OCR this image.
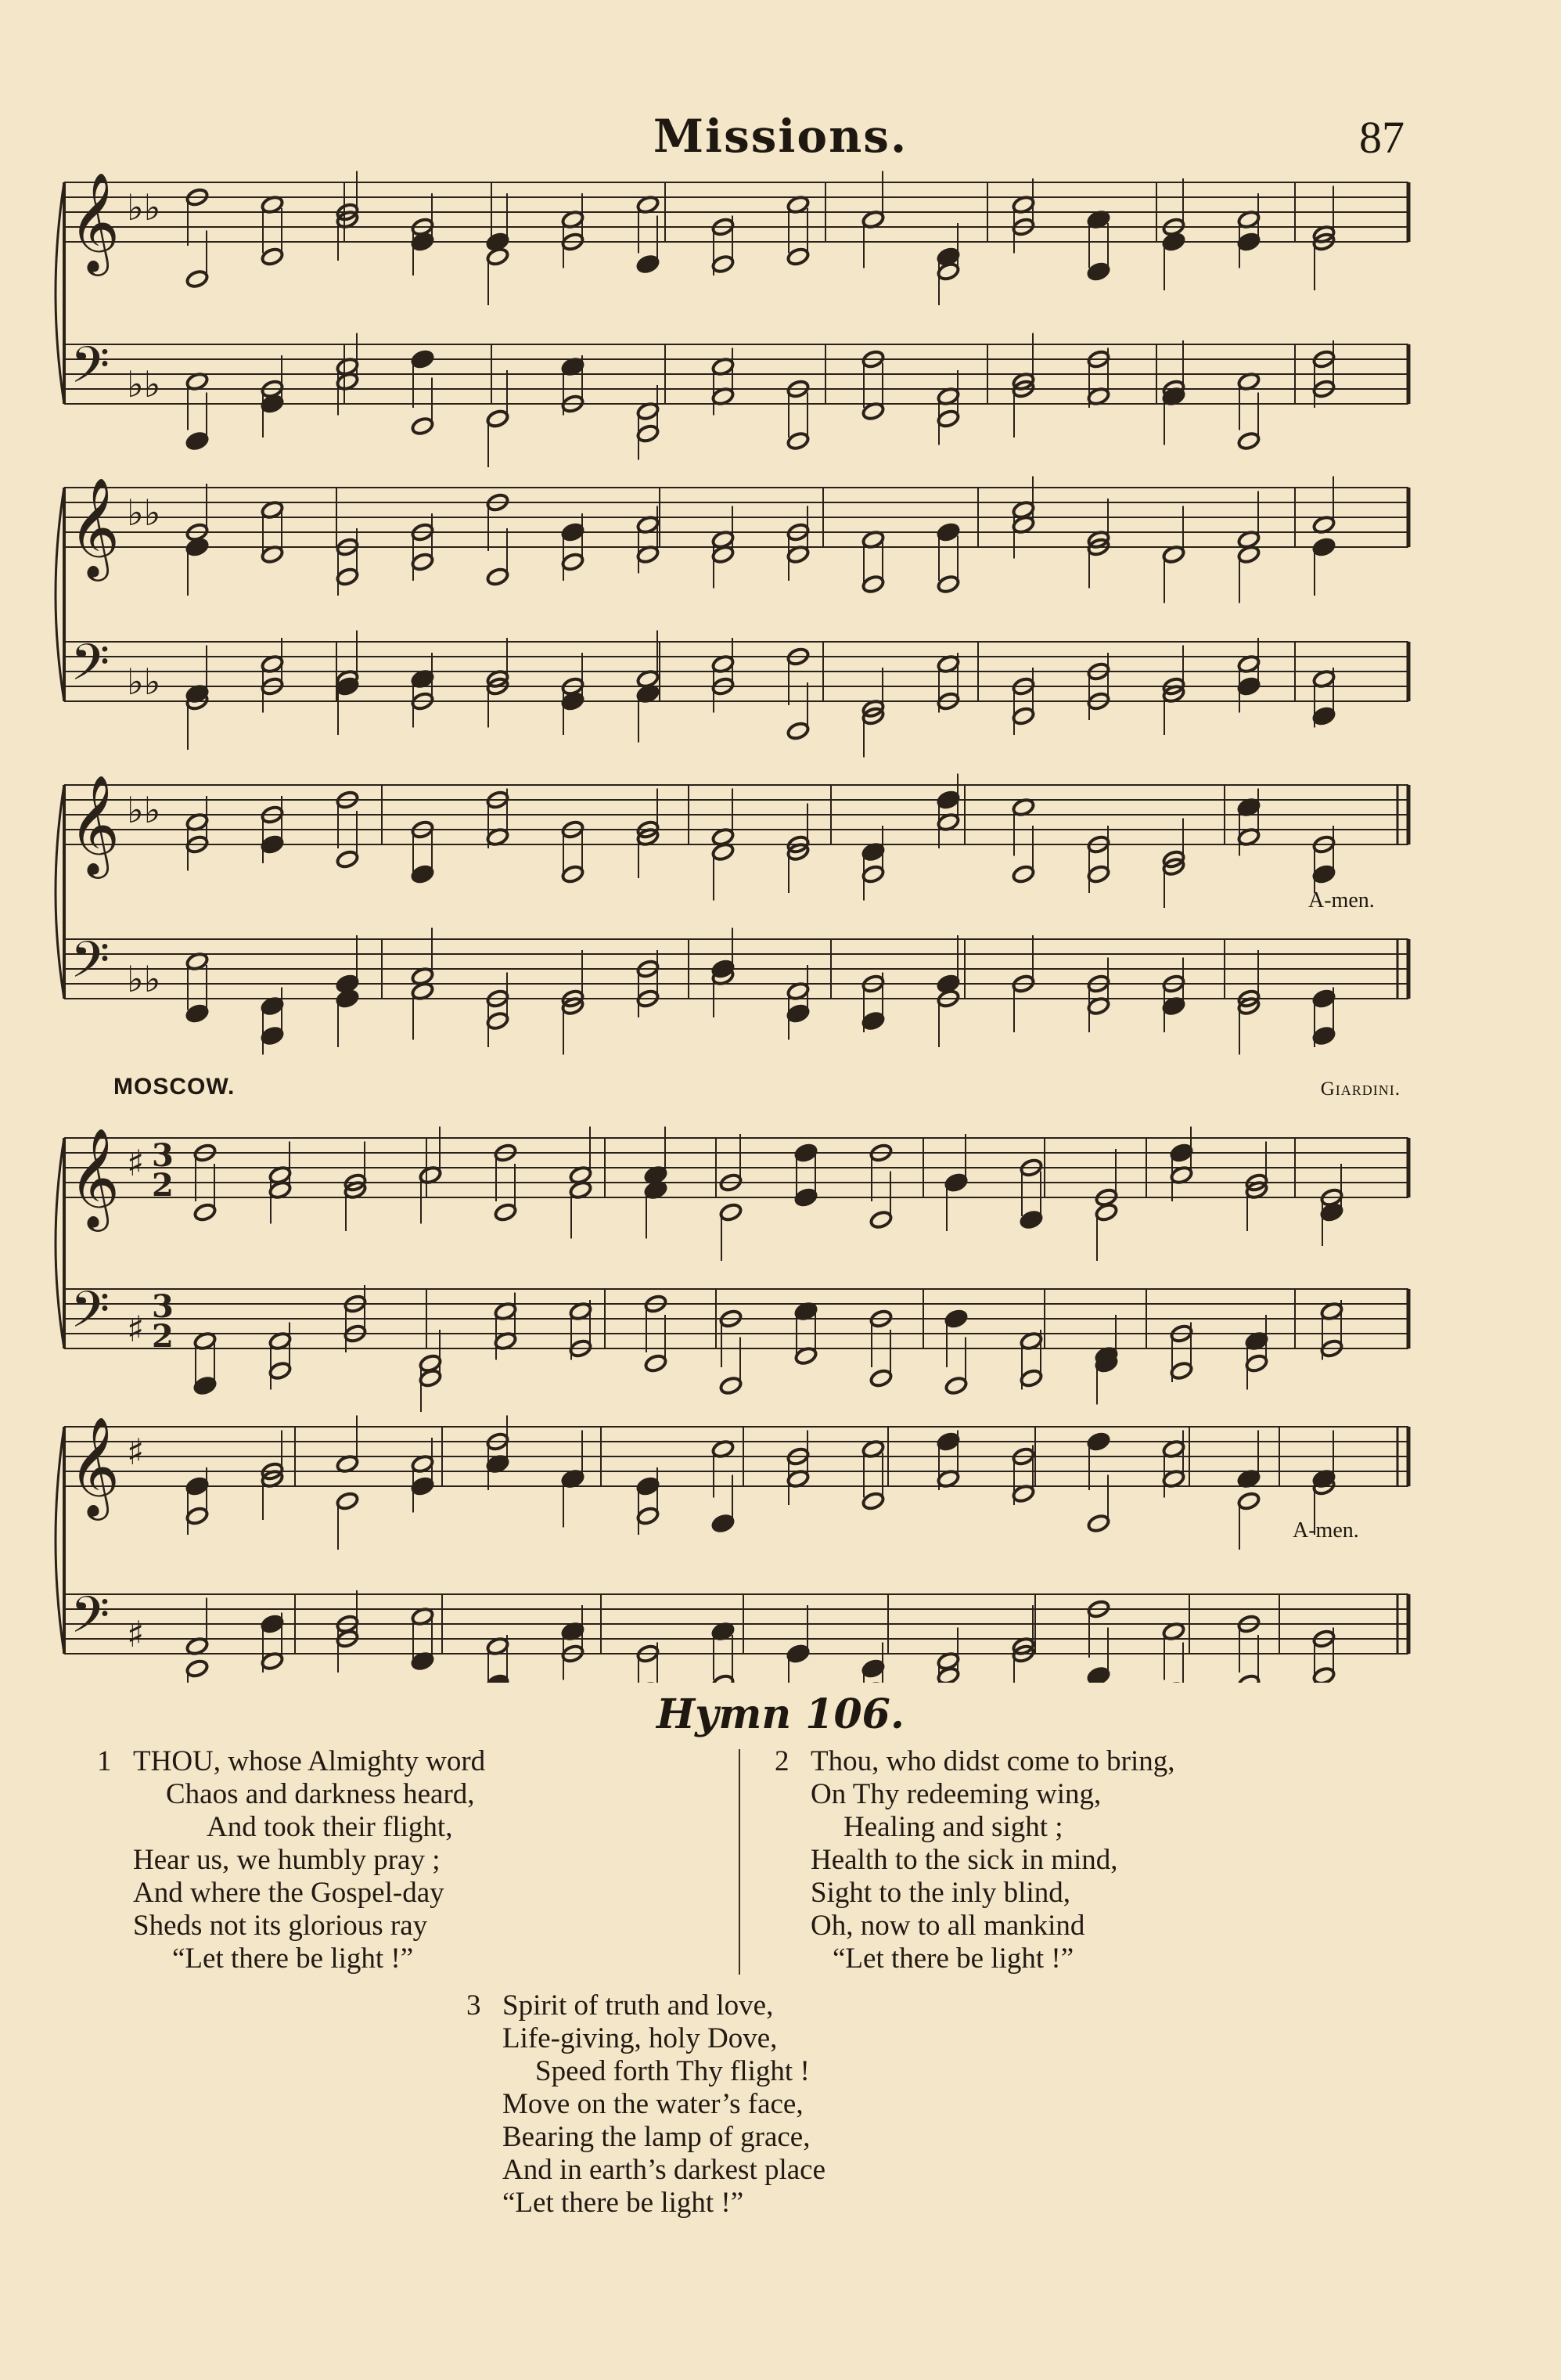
Missions.	87
𝄞
𝄢
♭♭
♭♭
𝄞
𝄢
♭♭
♭♭
𝄞
𝄢
♭♭
♭♭
𝄞
𝄢
♯
♯
3
2
3
2
𝄞
𝄢
♯
♯
MOSCOW.	Giardini.
A-men.
A-men.
Hymn 106.
1 THOU, whose Almighty word
Chaos and darkness heard,
And took their flight,
Hear us, we humbly pray ;
And where the Gospel-day
Sheds not its glorious ray
“Let there be light !”
2 Thou, who didst come to bring,
On Thy redeeming wing,
Healing and sight ;
Health to the sick in mind,
Sight to the inly blind,
Oh, now to all mankind
“Let there be light !”
3 Spirit of truth and love,
Life-giving, holy Dove,
Speed forth Thy flight !
Move on the water’s face,
Bearing the lamp of grace,
And in earth’s darkest place
“Let there be light !”
